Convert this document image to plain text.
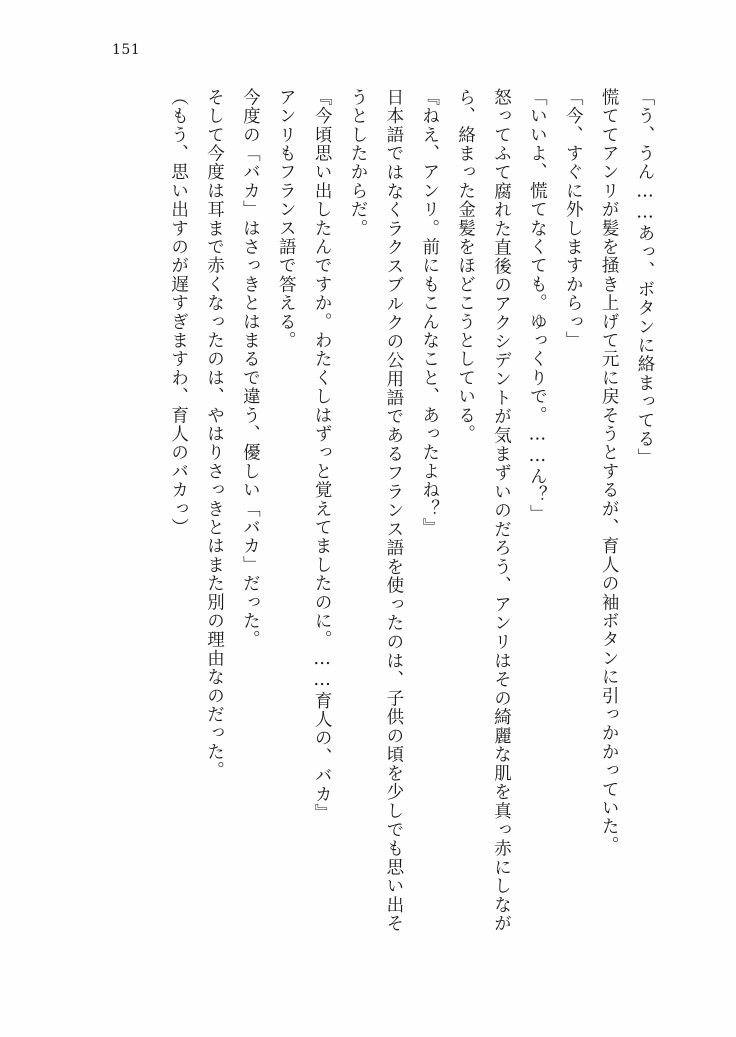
151

「う、うん……あっ、ボタンに絡まってる」

慌ててアンリが髪を掻き上げて元に戻そうとするが、育人の袖ボタンに引っかかっていた。

「今、すぐに外しますからっ」

「いいよ、慌てなくても。ゆっくりで。……ん？」

怒ってふて腐れた直後のアクシデントが気まずいのだろう、アンリはその綺麗な肌を真っ赤にしながら、絡まった金髪をほどこうとしている。

『ねえ、アンリ。前にもこんなこと、あったよね？』

日本語ではなくラクスブルクの公用語であるフランス語を使ったのは、子供の頃を少しでも思い出そうとしたからだ。

『今頃思い出したんですか。わたくしはずっと覚えてましたのに。……育人の、バカ』

アンリもフランス語で答える。

今度の「バカ」はさっきとはまるで違う、優しい「バカ」だった。

そして今度は耳まで赤くなったのは、やはりさっきとはまた別の理由なのだった。

（もう、思い出すのが遅すぎますわ、育人のバカっ）
